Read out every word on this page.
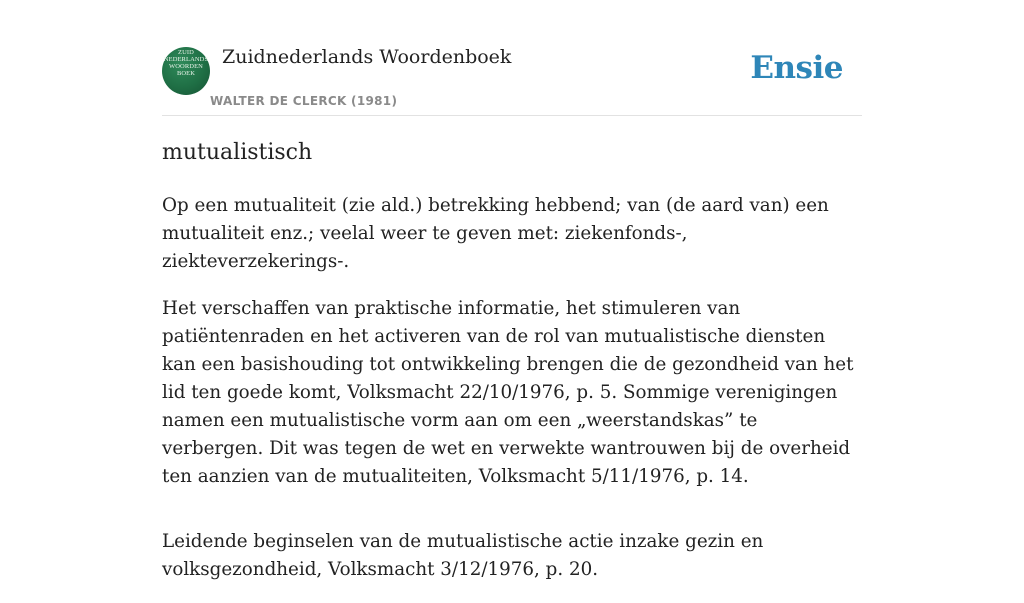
ZUID
NEDERLANDS
WOORDEN
BOEK
Zuidnederlands Woordenboek
WALTER DE CLERCK (1981)
Ensie
mutualistisch

Op een mutualiteit (zie ald.) betrekking hebbend; van (de aard van) een mutualiteit enz.; veelal weer te geven met: ziekenfonds-, ziekteverzekerings-.

Het verschaffen van praktische informatie, het stimuleren van patiëntenraden en het activeren van de rol van mutualistische diensten kan een basishouding tot ontwikkeling brengen die de gezondheid van het lid ten goede komt, Volksmacht 22/10/1976, p. 5. Sommige verenigingen namen een mutualistische vorm aan om een „weerstandskas” te verbergen. Dit was tegen de wet en verwekte wantrouwen bij de overheid ten aanzien van de mutualiteiten, Volksmacht 5/11/1976, p. 14.

Leidende beginselen van de mutualistische actie inzake gezin en volksgezondheid, Volksmacht 3/12/1976, p. 20.
